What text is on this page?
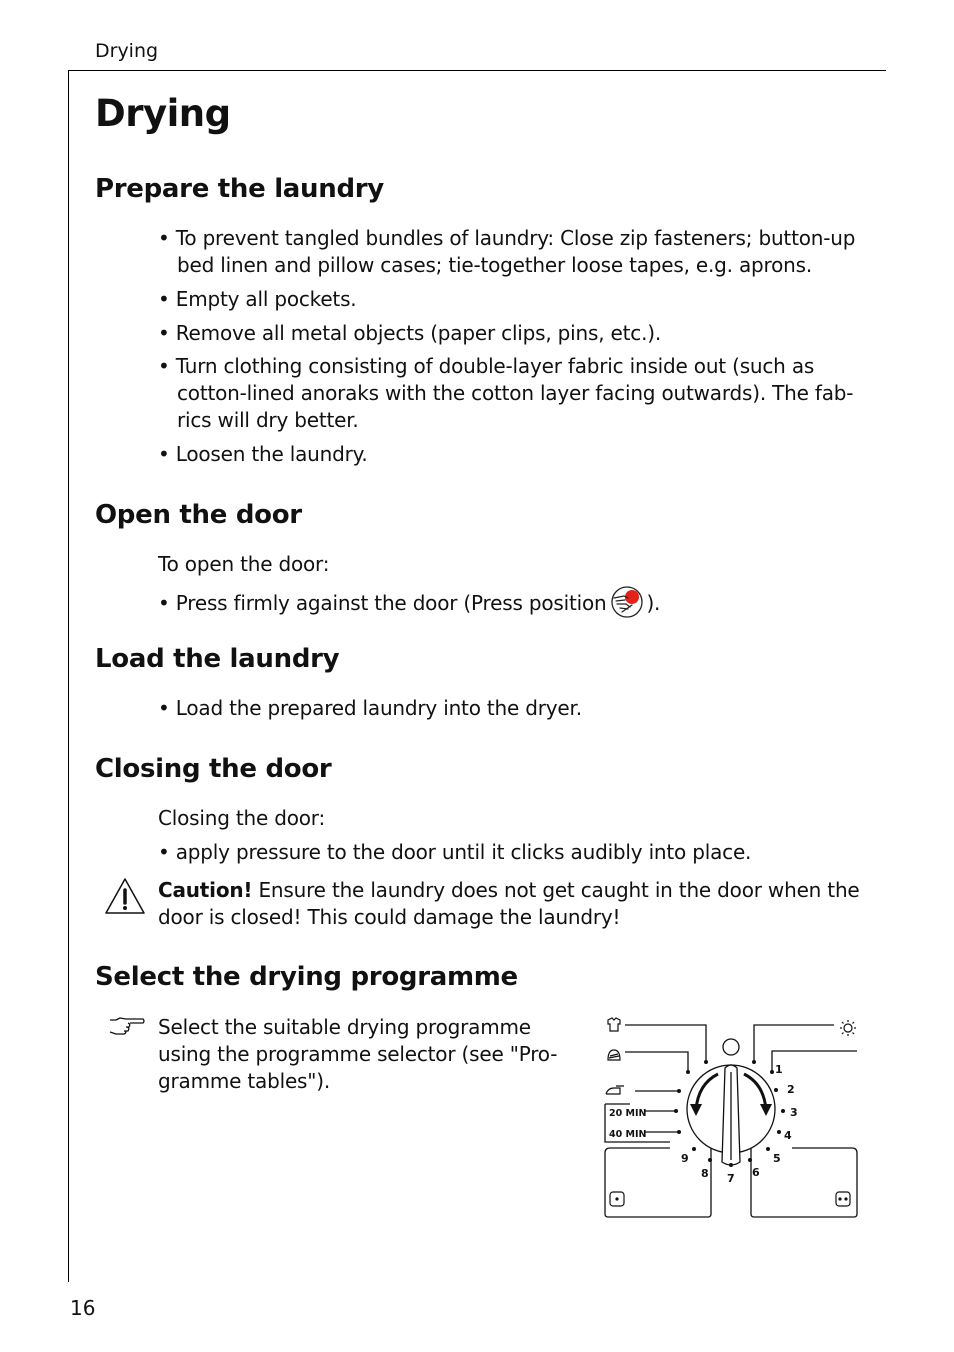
Drying
16
Drying
Prepare the laundry

• To prevent tangled bundles of laundry: Close zip fasteners; button-up bed linen and pillow cases; tie-together loose tapes, e.g. aprons.

• Empty all pockets.

• Remove all metal objects (paper clips, pins, etc.).

• Turn clothing consisting of double-layer fabric inside out (such as cotton-lined anoraks with the cotton layer facing outwards). The fab-rics will dry better.

• Loosen the laundry.

Open the door

To open the door:

• Press firmly against the door (Press position ).

Load the laundry

• Load the prepared laundry into the dryer.

Closing the door

Closing the door:

• apply pressure to the door until it clicks audibly into place.

Caution! Ensure the laundry does not get caught in the door when the door is closed! This could damage the laundry!

Select the drying programme

Select the suitable drying programme using the programme selector (see "Pro-gramme tables").

20 MIN
40 MIN
1
2
3
4
5
6
7
8
9
